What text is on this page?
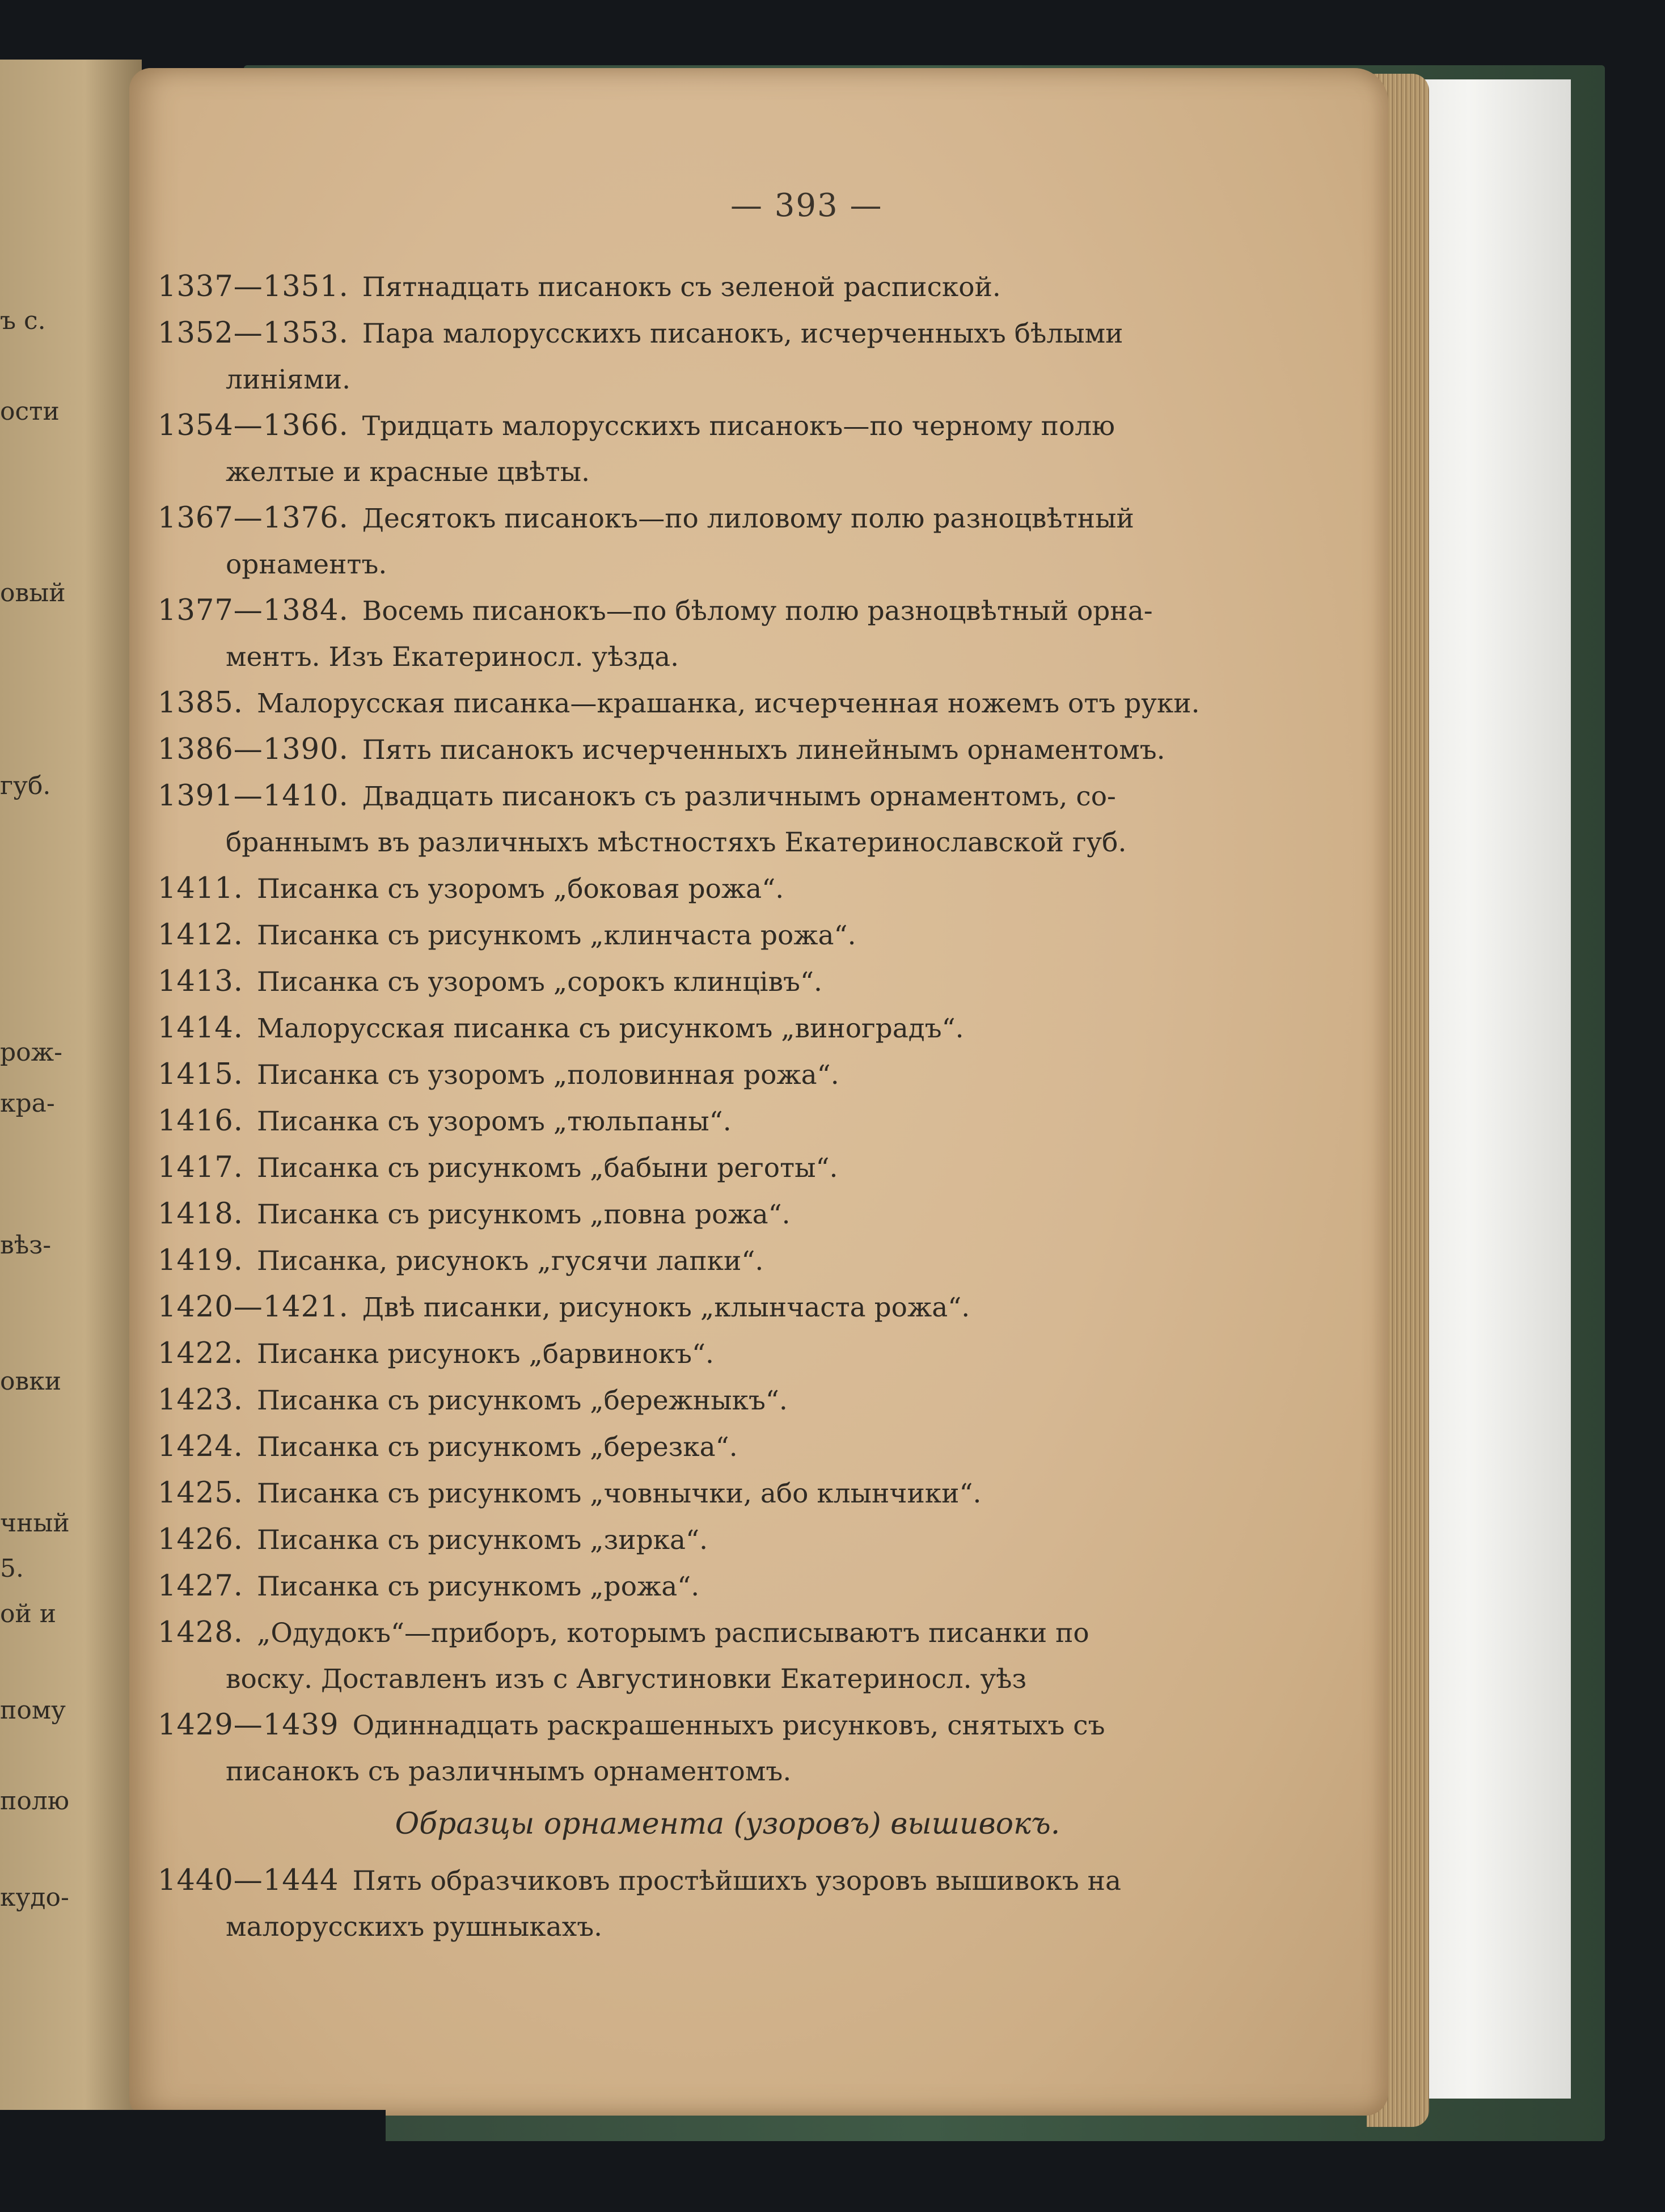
ъ с.
ости
овый
губ.
рож-
кра-
вѣз-
овки
чный
5.
ой и
пому
полю
кудо-
— 393 —
1337—1351. Пятнадцать писанокъ съ зеленой распиской.
1352—1353. Пара малорусскихъ писанокъ, исчерченныхъ бѣлыми
линіями.
1354—1366. Тридцать малорусскихъ писанокъ—по черному полю
желтые и красные цвѣты.
1367—1376. Десятокъ писанокъ—по лиловому полю разноцвѣтный
орнаментъ.
1377—1384. Восемь писанокъ—по бѣлому полю разноцвѣтный орна-
ментъ. Изъ Екатериносл. уѣзда.
1385. Малорусская писанка—крашанка, исчерченная ножемъ отъ руки.
1386—1390. Пять писанокъ исчерченныхъ линейнымъ орнаментомъ.
1391—1410. Двадцать писанокъ съ различнымъ орнаментомъ, со-
браннымъ въ различныхъ мѣстностяхъ Екатеринославской губ.
1411. Писанка съ узоромъ „боковая рожа“.
1412. Писанка съ рисункомъ „клинчаста рожа“.
1413. Писанка съ узоромъ „сорокъ клинцівъ“.
1414. Малорусская писанка съ рисункомъ „виноградъ“.
1415. Писанка съ узоромъ „половинная рожа“.
1416. Писанка съ узоромъ „тюльпаны“.
1417. Писанка съ рисункомъ „бабыни реготы“.
1418. Писанка съ рисункомъ „повна рожа“.
1419. Писанка, рисунокъ „гусячи лапки“.
1420—1421. Двѣ писанки, рисунокъ „клынчаста рожа“.
1422. Писанка рисунокъ „барвинокъ“.
1423. Писанка съ рисункомъ „бережныкъ“.
1424. Писанка съ рисункомъ „березка“.
1425. Писанка съ рисункомъ „човнычки, або клынчики“.
1426. Писанка съ рисункомъ „зирка“.
1427. Писанка съ рисункомъ „рожа“.
1428. „Одудокъ“—приборъ, которымъ расписываютъ писанки по
воску. Доставленъ изъ с Августиновки Екатериносл. уѣз
1429—1439 Одиннадцать раскрашенныхъ рисунковъ, снятыхъ съ
писанокъ съ различнымъ орнаментомъ.
Образцы орнамента (узоровъ) вышивокъ.
1440—1444 Пять образчиковъ простѣйшихъ узоровъ вышивокъ на
малорусскихъ рушныкахъ.
